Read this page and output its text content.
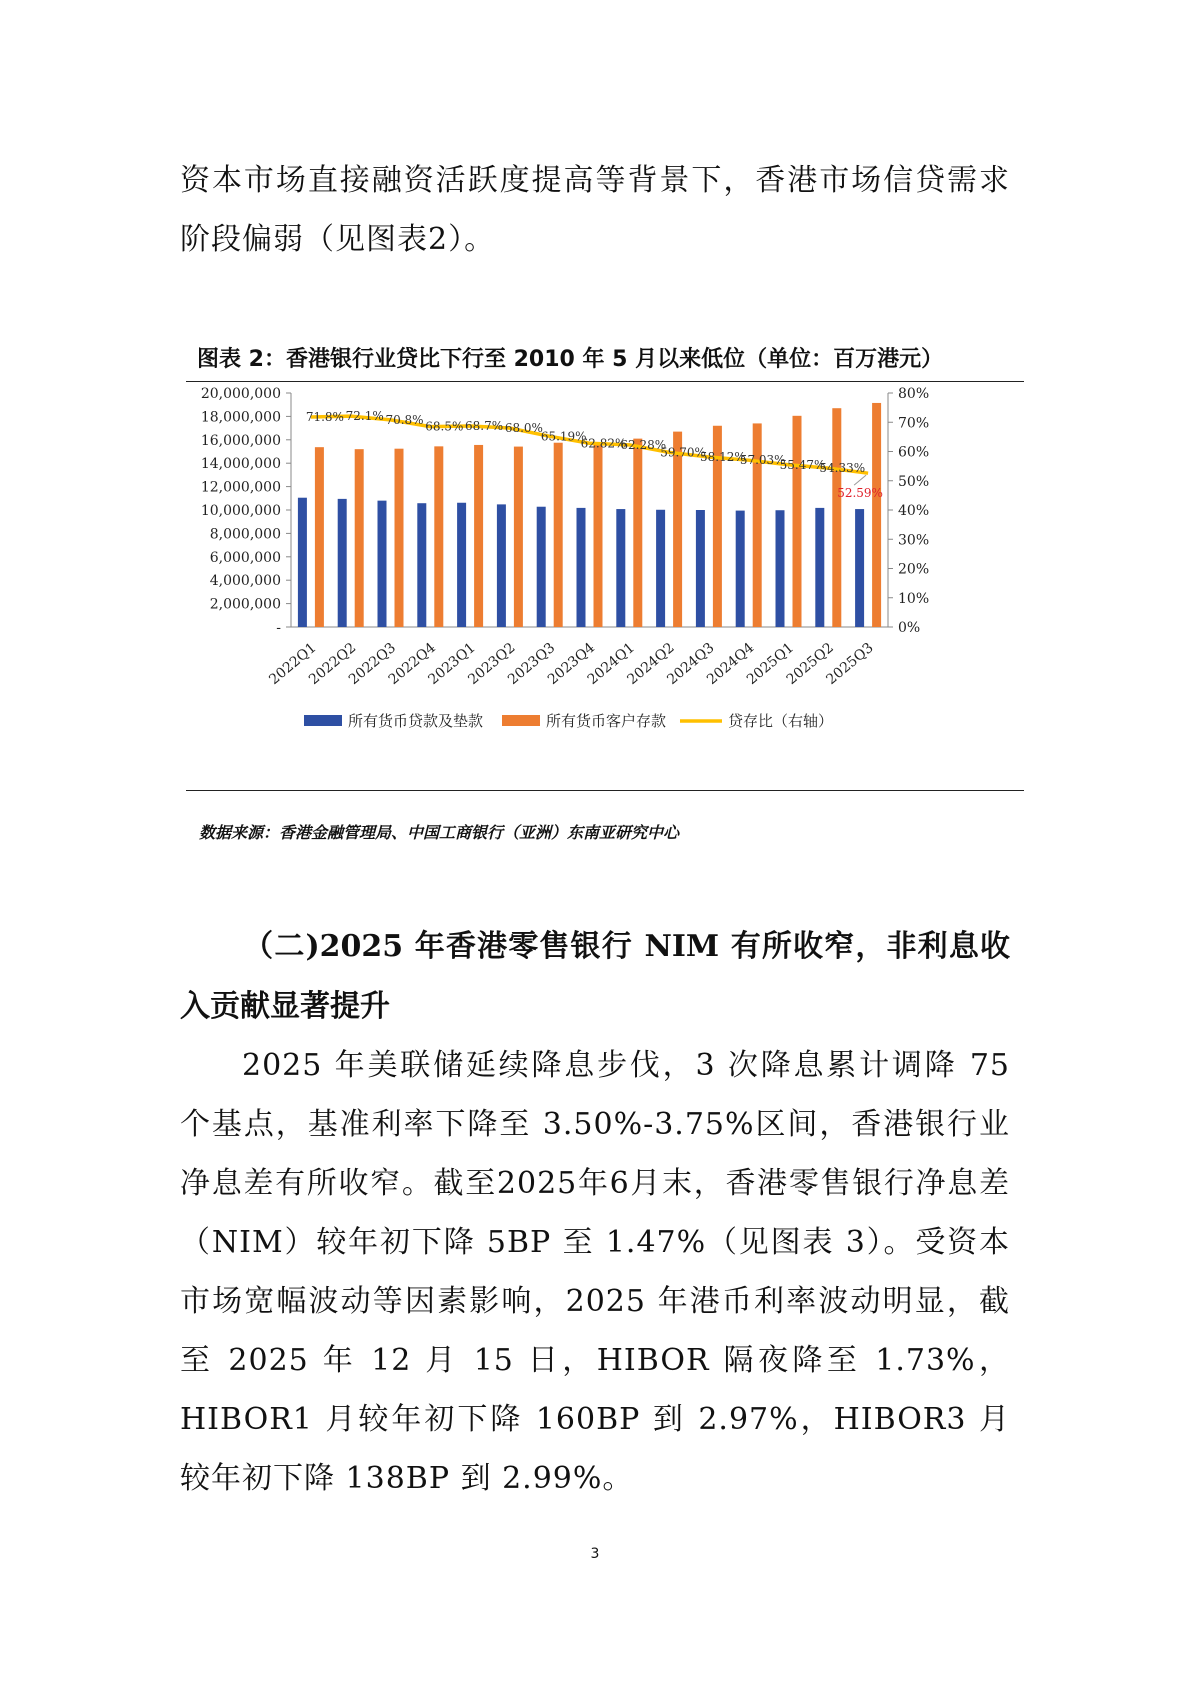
资本市场直接融资活跃度提高等背景下，香港市场信贷需求阶段偏弱（见图表2）。

图表 2：香港银行业贷比下行至 2010 年 5 月以来低位（单位：百万港元）

20,000,000
18,000,000
16,000,000
14,000,000
12,000,000
10,000,000
8,000,000
6,000,000
4,000,000
2,000,000
-
80%
70%
60%
50%
40%
30%
20%
10%
0%
2022Q1
2022Q2
2022Q3
2022Q4
2023Q1
2023Q2
2023Q3
2023Q4
2024Q1
2024Q2
2024Q3
2024Q4
2025Q1
2025Q2
2025Q3
71.8% 72.1% 70.8% 68.5% 68.7% 68.0%
65.19%
62.82%
62.28%
59.70%
58.12%
57.03%
55.47%
54.33%
52.59%
所有货币贷款及垫款	所有货币客户存款	贷存比（右轴）

数据来源：香港金融管理局、中国工商银行（亚洲）东南亚研究中心

（二)2025 年香港零售银行 NIM 有所收窄，非利息收入贡献显著提升

2025 年美联储延续降息步伐，3 次降息累计调降 75 个基点，基准利率下降至 3.50%-3.75%区间，香港银行业净息差有所收窄。截至2025年6月末，香港零售银行净息差（NIM）较年初下降 5BP 至 1.47%（见图表 3）。受资本市场宽幅波动等因素影响，2025 年港币利率波动明显，截至 2025 年 12 月 15 日，HIBOR 隔夜降至 1.73%，HIBOR1 月较年初下降 160BP 到 2.97%，HIBOR3 月较年初下降 138BP 到 2.99%。

3
